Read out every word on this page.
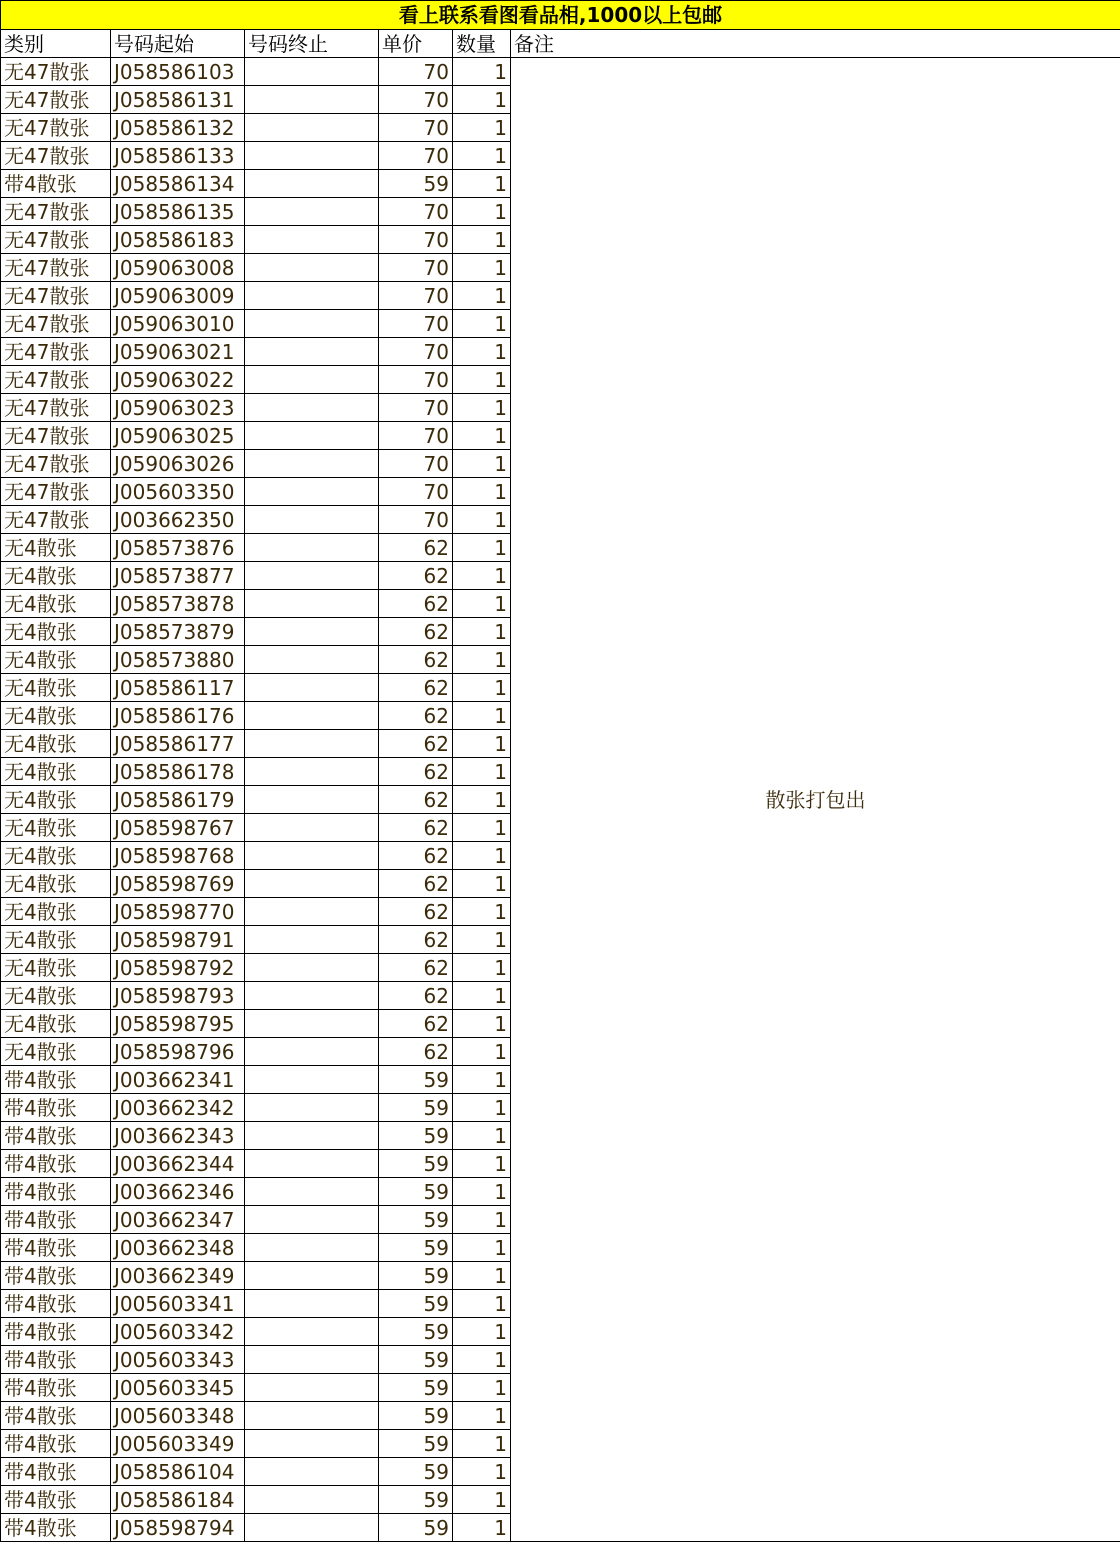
看上联系看图看品相,1000以上包邮					
类别	号码起始	号码终止	单价	数量	备注
无47散张	J058586103		70	1	散张打包出
无47散张	J058586131		70	1	
无47散张	J058586132		70	1	
无47散张	J058586133		70	1	
带4散张	J058586134		59	1	
无47散张	J058586135		70	1	
无47散张	J058586183		70	1	
无47散张	J059063008		70	1	
无47散张	J059063009		70	1	
无47散张	J059063010		70	1	
无47散张	J059063021		70	1	
无47散张	J059063022		70	1	
无47散张	J059063023		70	1	
无47散张	J059063025		70	1	
无47散张	J059063026		70	1	
无47散张	J005603350		70	1	
无47散张	J003662350		70	1	
无4散张	J058573876		62	1	
无4散张	J058573877		62	1	
无4散张	J058573878		62	1	
无4散张	J058573879		62	1	
无4散张	J058573880		62	1	
无4散张	J058586117		62	1	
无4散张	J058586176		62	1	
无4散张	J058586177		62	1	
无4散张	J058586178		62	1	
无4散张	J058586179		62	1	
无4散张	J058598767		62	1	
无4散张	J058598768		62	1	
无4散张	J058598769		62	1	
无4散张	J058598770		62	1	
无4散张	J058598791		62	1	
无4散张	J058598792		62	1	
无4散张	J058598793		62	1	
无4散张	J058598795		62	1	
无4散张	J058598796		62	1	
带4散张	J003662341		59	1	
带4散张	J003662342		59	1	
带4散张	J003662343		59	1	
带4散张	J003662344		59	1	
带4散张	J003662346		59	1	
带4散张	J003662347		59	1	
带4散张	J003662348		59	1	
带4散张	J003662349		59	1	
带4散张	J005603341		59	1	
带4散张	J005603342		59	1	
带4散张	J005603343		59	1	
带4散张	J005603345		59	1	
带4散张	J005603348		59	1	
带4散张	J005603349		59	1	
带4散张	J058586104		59	1	
带4散张	J058586184		59	1	
带4散张	J058598794		59	1	
